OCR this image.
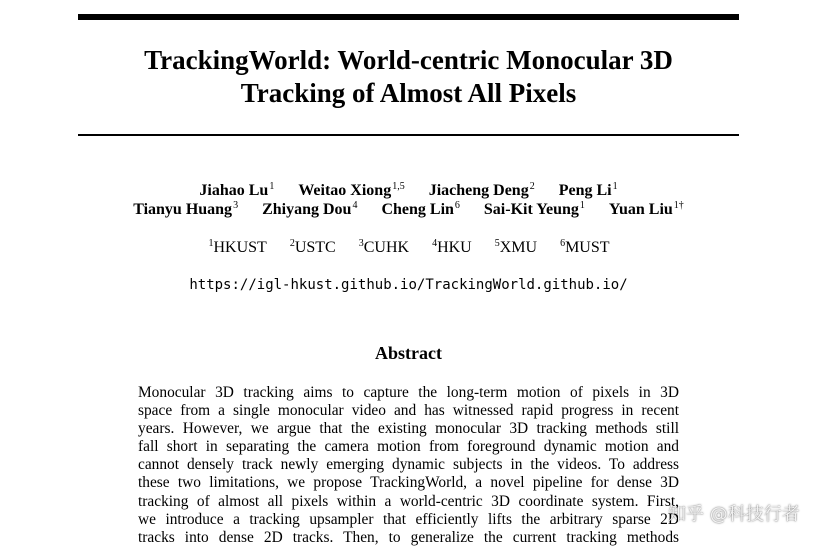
TrackingWorld: World-centric Monocular 3D
Tracking of Almost All Pixels
Jiahao Lu$^1$ Weitao Xiong$^{1,5}$ Jiacheng Deng$^2$ Peng Li$^1$
Tianyu Huang$^3$ Zhiyang Dou$^4$ Cheng Lin$^6$ Sai-Kit Yeung$^1$ Yuan Liu$^{1\dagger}$
$^1$HKUST $^2$USTC $^3$CUHK $^4$HKU $^5$XMU $^6$MUST
https://igl-hkust.github.io/TrackingWorld.github.io/
Abstract
Monocular 3D tracking aims to capture the long-term motion of pixels in 3D
space from a single monocular video and has witnessed rapid progress in recent
years. However, we argue that the existing monocular 3D tracking methods still
fall short in separating the camera motion from foreground dynamic motion and
cannot densely track newly emerging dynamic subjects in the videos. To address
these two limitations, we propose TrackingWorld, a novel pipeline for dense 3D
tracking of almost all pixels within a world-centric 3D coordinate system. First,
we introduce a tracking upsampler that efficiently lifts the arbitrary sparse 2D
tracks into dense 2D tracks. Then, to generalize the current tracking methods
知乎 @科技行者
